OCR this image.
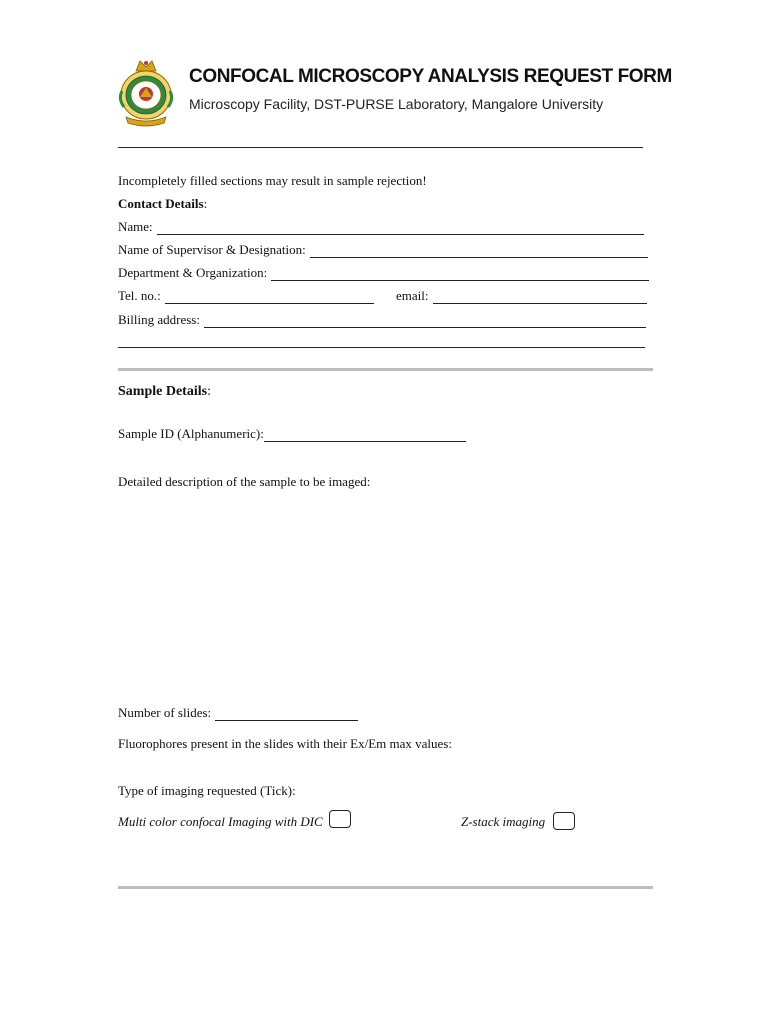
CONFOCAL MICROSCOPY ANALYSIS REQUEST FORM
Microscopy Facility, DST-PURSE Laboratory, Mangalore University
Incompletely filled sections may result in sample rejection!
Contact Details:
Name:
Name of Supervisor & Designation:
Department & Organization:
Tel. no.:	email:
Billing address:
Sample Details:
Sample ID (Alphanumeric):
Detailed description of the sample to be imaged:
Number of slides:
Fluorophores present in the slides with their Ex/Em max values:
Type of imaging requested (Tick):
Multi color confocal Imaging with DIC	Z-stack imaging
